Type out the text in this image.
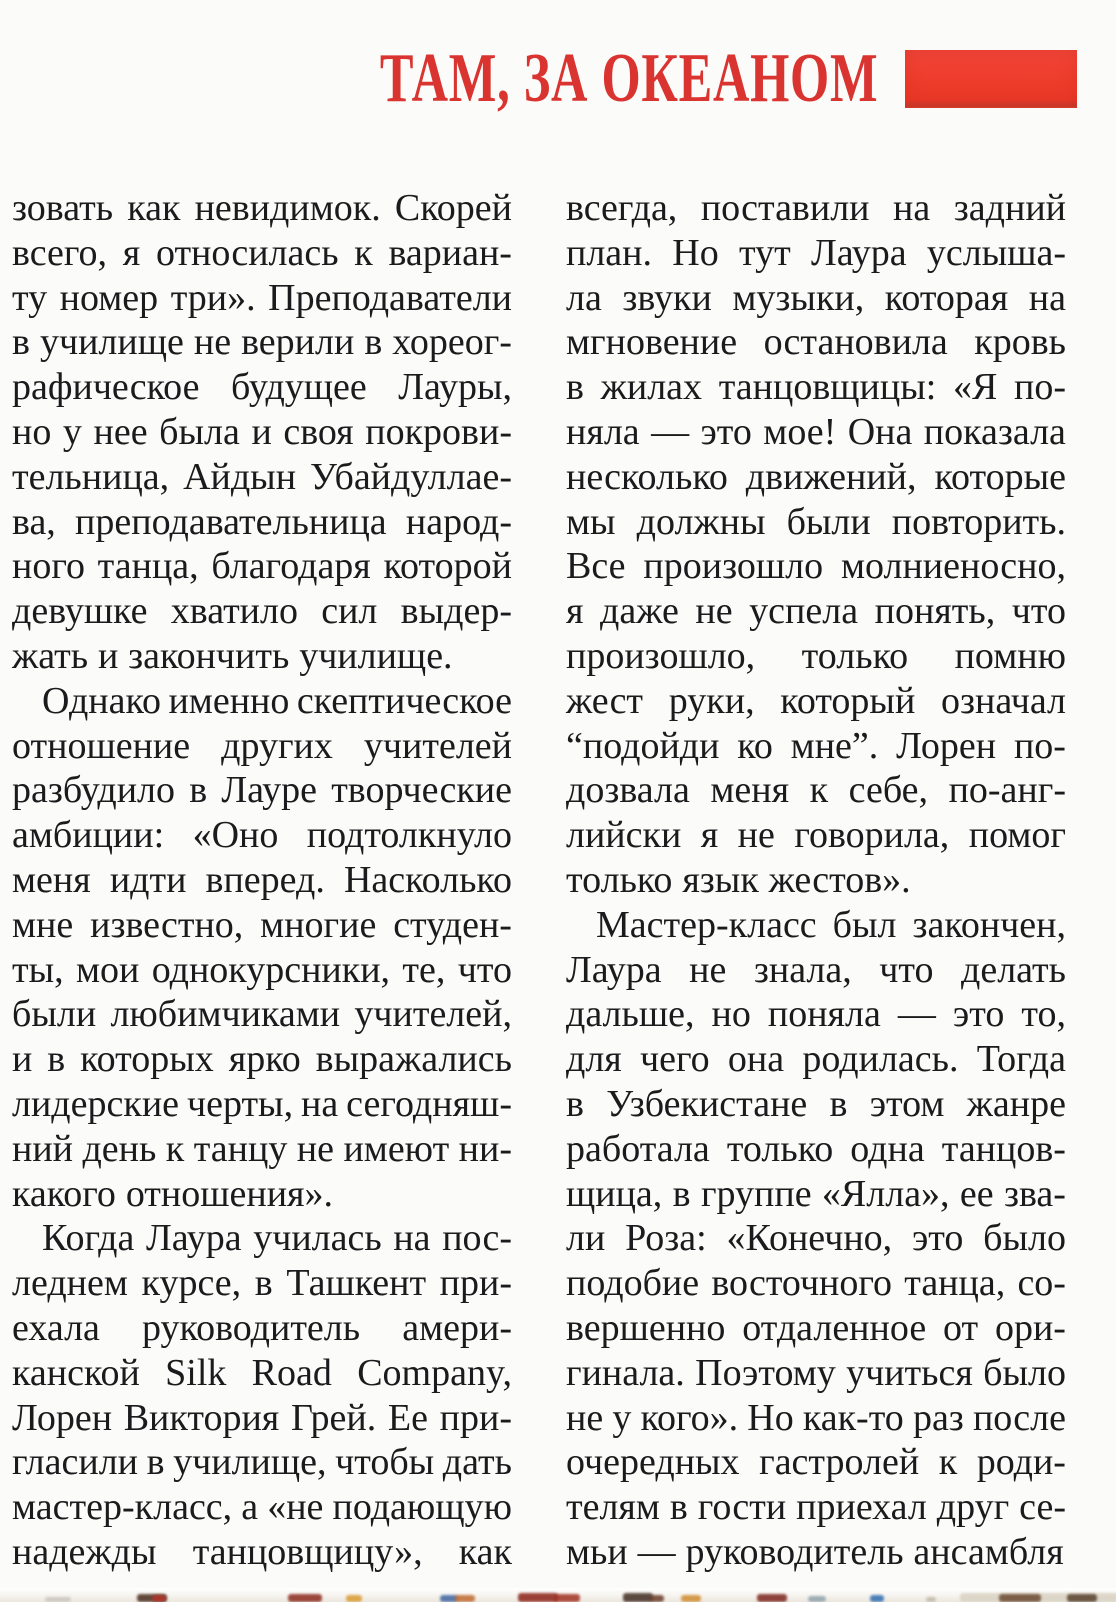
ТАМ, ЗА ОКЕАНОМ
зовать как невидимок. Скорей
всего, я относилась к вариан-
ту номер три». Преподаватели
в училище не верили в хореог-
рафическое будущее Лауры,
но у нее была и своя покрови-
тельница, Айдын Убайдуллае-
ва, преподавательница народ-
ного танца, благодаря которой
девушке хватило сил выдер-
жать и закончить училище.
Однако именно скептическое
отношение других учителей
разбудило в Лауре творческие
амбиции: «Оно подтолкнуло
меня идти вперед. Насколько
мне известно, многие студен-
ты, мои однокурсники, те, что
были любимчиками учителей,
и в которых ярко выражались
лидерские черты, на сегодняш-
ний день к танцу не имеют ни-
какого отношения».
Когда Лаура училась на пос-
леднем курсе, в Ташкент при-
ехала руководитель амери-
канской Silk Road Company,
Лорен Виктория Грей. Ее при-
гласили в училище, чтобы дать
мастер-класс, а «не подающую
надежды танцовщицу», как
всегда, поставили на задний
план. Но тут Лаура услыша-
ла звуки музыки, которая на
мгновение остановила кровь
в жилах танцовщицы: «Я по-
няла — это мое! Она показала
несколько движений, которые
мы должны были повторить.
Все произошло молниеносно,
я даже не успела понять, что
произошло, только помню
жест руки, который означал
“подойди ко мне”. Лорен по-
дозвала меня к себе, по-анг-
лийски я не говорила, помог
только язык жестов».
Мастер-класс был закончен,
Лаура не знала, что делать
дальше, но поняла — это то,
для чего она родилась. Тогда
в Узбекистане в этом жанре
работала только одна танцов-
щица, в группе «Ялла», ее зва-
ли Роза: «Конечно, это было
подобие восточного танца, со-
вершенно отдаленное от ори-
гинала. Поэтому учиться было
не у кого». Но как-то раз после
очередных гастролей к роди-
телям в гости приехал друг се-
мьи — руководитель ансамбля
